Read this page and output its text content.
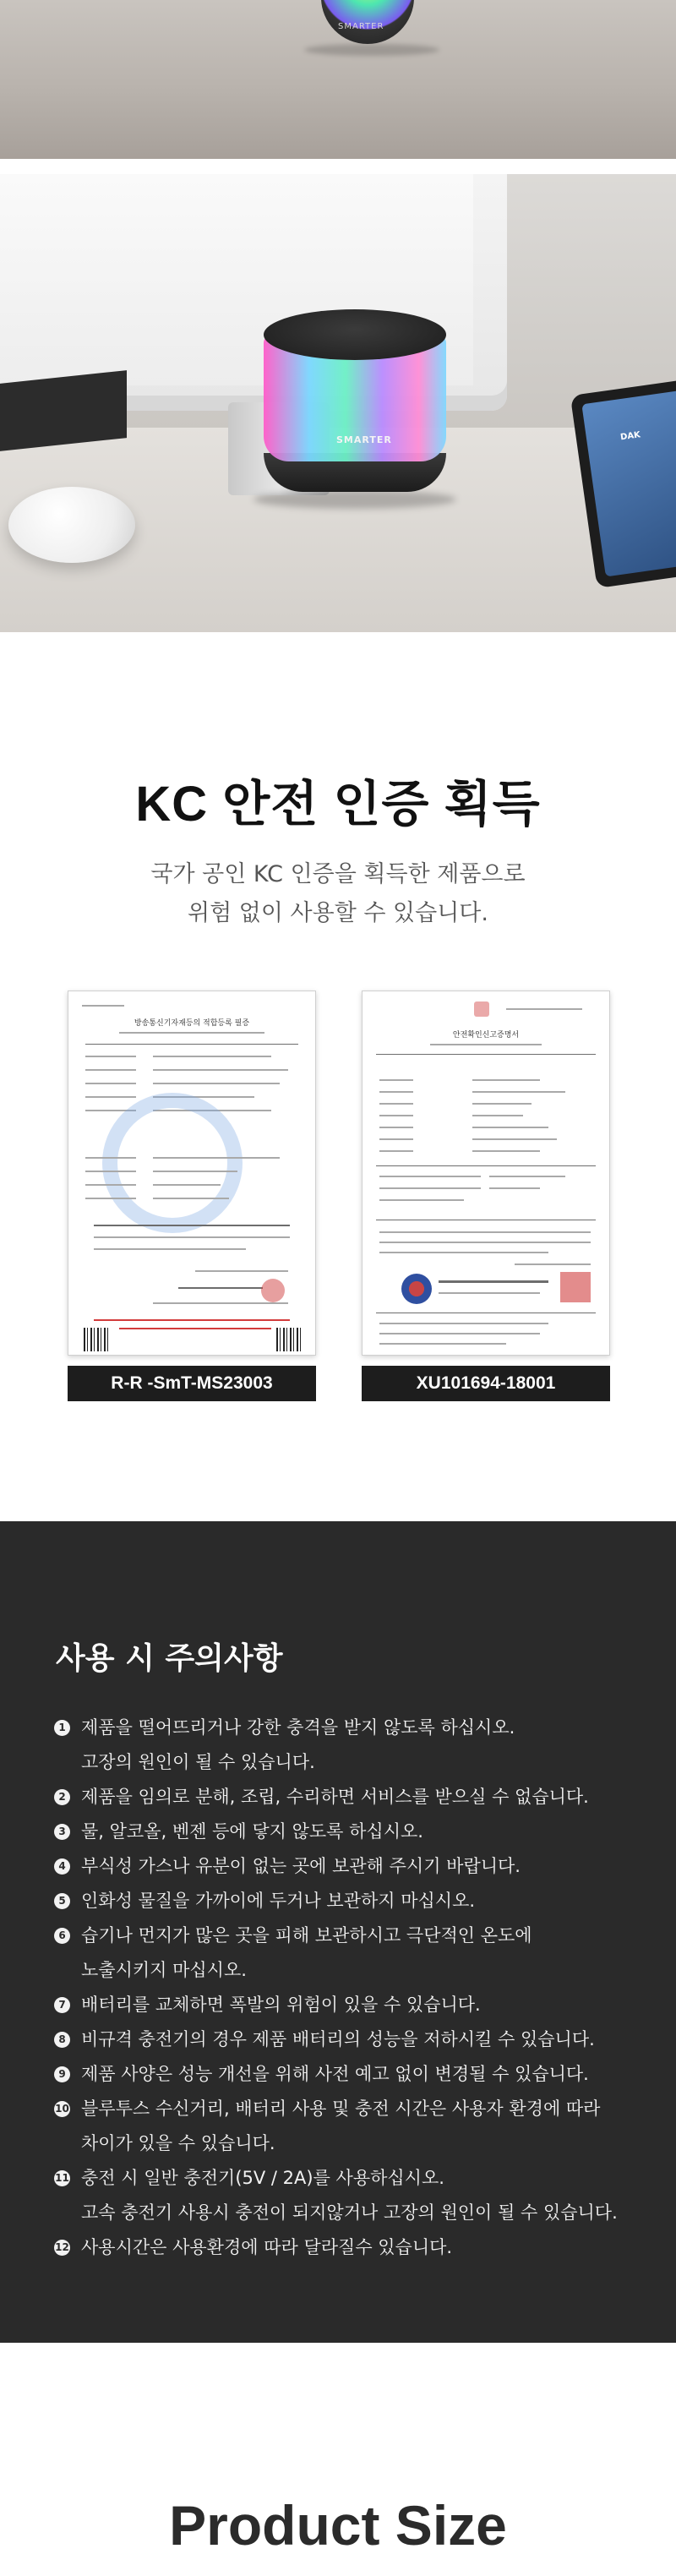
SMARTER
DAK
SMARTER
KC 안전 인증 획득
국가 공인 KC 인증을 획득한 제품으로
위험 없이 사용할 수 있습니다.
방송통신기자재등의 적합등록 필증
안전확인신고증명서
R-R -SmT-MS23003	XU101694-18001
사용 시 주의사항
1 제품을 떨어뜨리거나 강한 충격을 받지 않도록 하십시오.
고장의 원인이 될 수 있습니다.
2 제품을 임의로 분해, 조립, 수리하면 서비스를 받으실 수 없습니다.
3 물, 알코올, 벤젠 등에 닿지 않도록 하십시오.
4 부식성 가스나 유분이 없는 곳에 보관해 주시기 바랍니다.
5 인화성 물질을 가까이에 두거나 보관하지 마십시오.
6 습기나 먼지가 많은 곳을 피해 보관하시고 극단적인 온도에
노출시키지 마십시오.
7 배터리를 교체하면 폭발의 위험이 있을 수 있습니다.
8 비규격 충전기의 경우 제품 배터리의 성능을 저하시킬 수 있습니다.
9 제품 사양은 성능 개선을 위해 사전 예고 없이 변경될 수 있습니다.
10 블루투스 수신거리, 배터리 사용 및 충전 시간은 사용자 환경에 따라
차이가 있을 수 있습니다.
11 충전 시 일반 충전기(5V / 2A)를 사용하십시오.
고속 충전기 사용시 충전이 되지않거나 고장의 원인이 될 수 있습니다.
12 사용시간은 사용환경에 따라 달라질수 있습니다.
Product Size
